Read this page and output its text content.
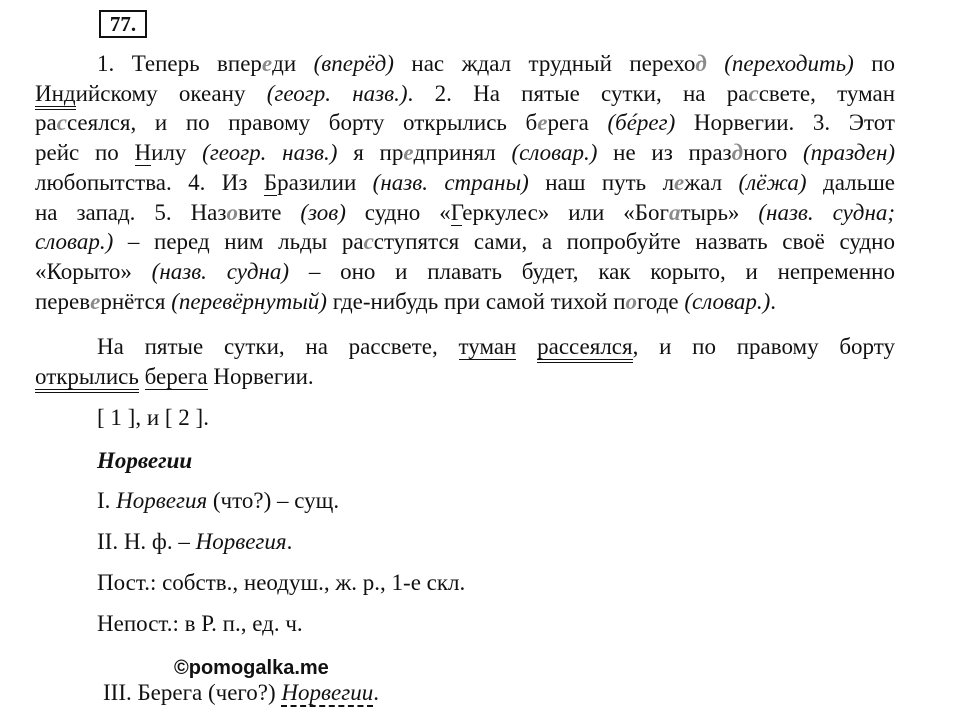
77.
1. Теперь впереди (вперёд) нас ждал трудный переход (переходить) по
Индийскому океану (геогр. назв.). 2. На пятые сутки, на рассвете, туман
рассеялся, и по правому борту открылись берега (бéрег) Норвегии. 3. Этот
рейс по Нилу (геогр. назв.) я предпринял (словар.) не из праздного (празден)
любопытства. 4. Из Бразилии (назв. страны) наш путь лежал (лёжа) дальше
на запад. 5. Назовите (зов) судно «Геркулес» или «Богатырь» (назв. судна;
словар.) – перед ним льды расступятся сами, а попробуйте назвать своё судно
«Корыто» (назв. судна) – оно и плавать будет, как корыто, и непременно
перевернётся (перевёрнутый) где-нибудь при самой тихой погоде (словар.).
На пятые сутки, на рассвете, туман рассеялся, и по правому борту
открылись берега Норвегии.
[ 1 ], и [ 2 ].
Норвегии
I. Норвегия (что?) – сущ.
II. Н. ф. – Норвегия.
Пост.: собств., неодуш., ж. р., 1-е скл.
Непост.: в Р. п., ед. ч.
©pomogalka.me
III. Берега (чего?) Норвегии.
